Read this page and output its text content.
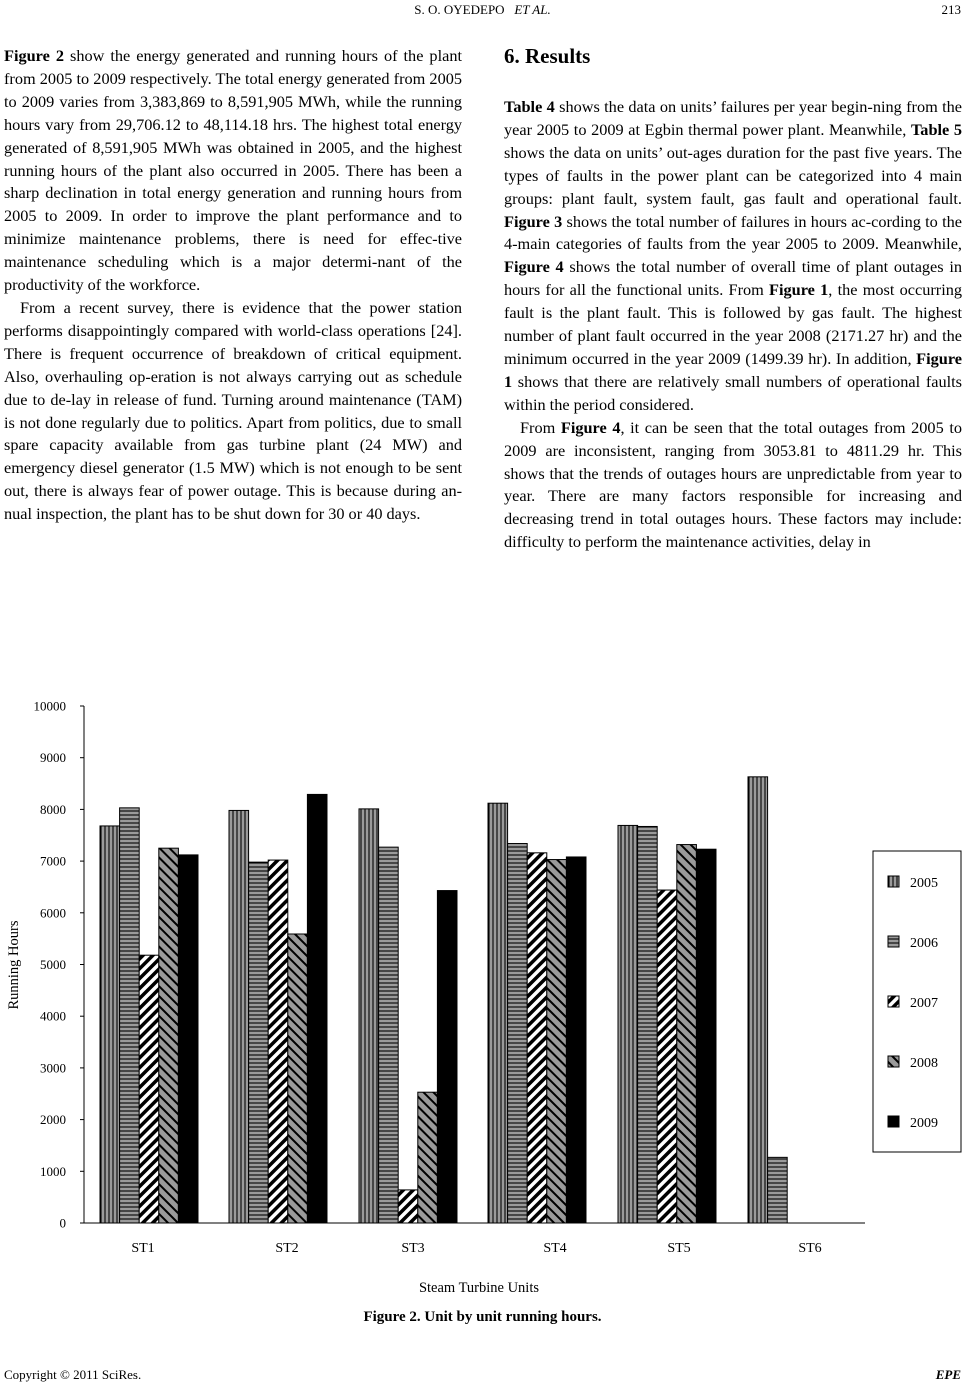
S. O. OYEDEPO ET AL.	213

Figure 2 show the energy generated and running hours of the plant from 2005 to 2009 respectively. The total energy generated from 2005 to 2009 varies from 3,383,869 to 8,591,905 MWh, while the running hours vary from 29,706.12 to 48,114.18 hrs. The highest total energy generated of 8,591,905 MWh was obtained in 2005, and the highest running hours of the plant also occurred in 2005. There has been a sharp declination in total energy generation and running hours from 2005 to 2009. In order to improve the plant performance and to minimize maintenance problems, there is need for effec-tive maintenance scheduling which is a major determi-nant of the productivity of the workforce.

From a recent survey, there is evidence that the power station performs disappointingly compared with world-class operations [24]. There is frequent occurrence of breakdown of critical equipment. Also, overhauling op-eration is not always carrying out as schedule due to de-lay in release of fund. Turning around maintenance (TAM) is not done regularly due to politics. Apart from politics, due to small spare capacity available from gas turbine plant (24 MW) and emergency diesel generator (1.5 MW) which is not enough to be sent out, there is always fear of power outage. This is because during an-nual inspection, the plant has to be shut down for 30 or 40 days.

6. Results

Table 4 shows the data on units’ failures per year begin-ning from the year 2005 to 2009 at Egbin thermal power plant. Meanwhile, Table 5 shows the data on units’ out-ages duration for the past five years. The types of faults in the power plant can be categorized into 4 main groups: plant fault, system fault, gas fault and operational fault. Figure 3 shows the total number of failures in hours ac-cording to the 4-main categories of faults from the year 2005 to 2009. Meanwhile, Figure 4 shows the total number of overall time of plant outages in hours for all the functional units. From Figure 1, the most occurring fault is the plant fault. This is followed by gas fault. The highest number of plant fault occurred in the year 2008 (2171.27 hr) and the minimum occurred in the year 2009 (1499.39 hr). In addition, Figure 1 shows that there are relatively small numbers of operational faults within the period considered.

From Figure 4, it can be seen that the total outages from 2005 to 2009 are inconsistent, ranging from 3053.81 to 4811.29 hr. This shows that the trends of outages hours are unpredictable from year to year. There are many factors responsible for increasing and decreasing trend in total outages hours. These factors may include: difficulty to perform the maintenance activities, delay in

0
1000
2000
3000
4000
5000
6000
7000
8000
9000
10000
ST1	ST2	ST3	ST4	ST5	ST6
Steam Turbine Units
Running Hours
2005
2006
2007
2008
2009
Figure 2. Unit by unit running hours.
Copyright © 2011 SciRes.	EPE
